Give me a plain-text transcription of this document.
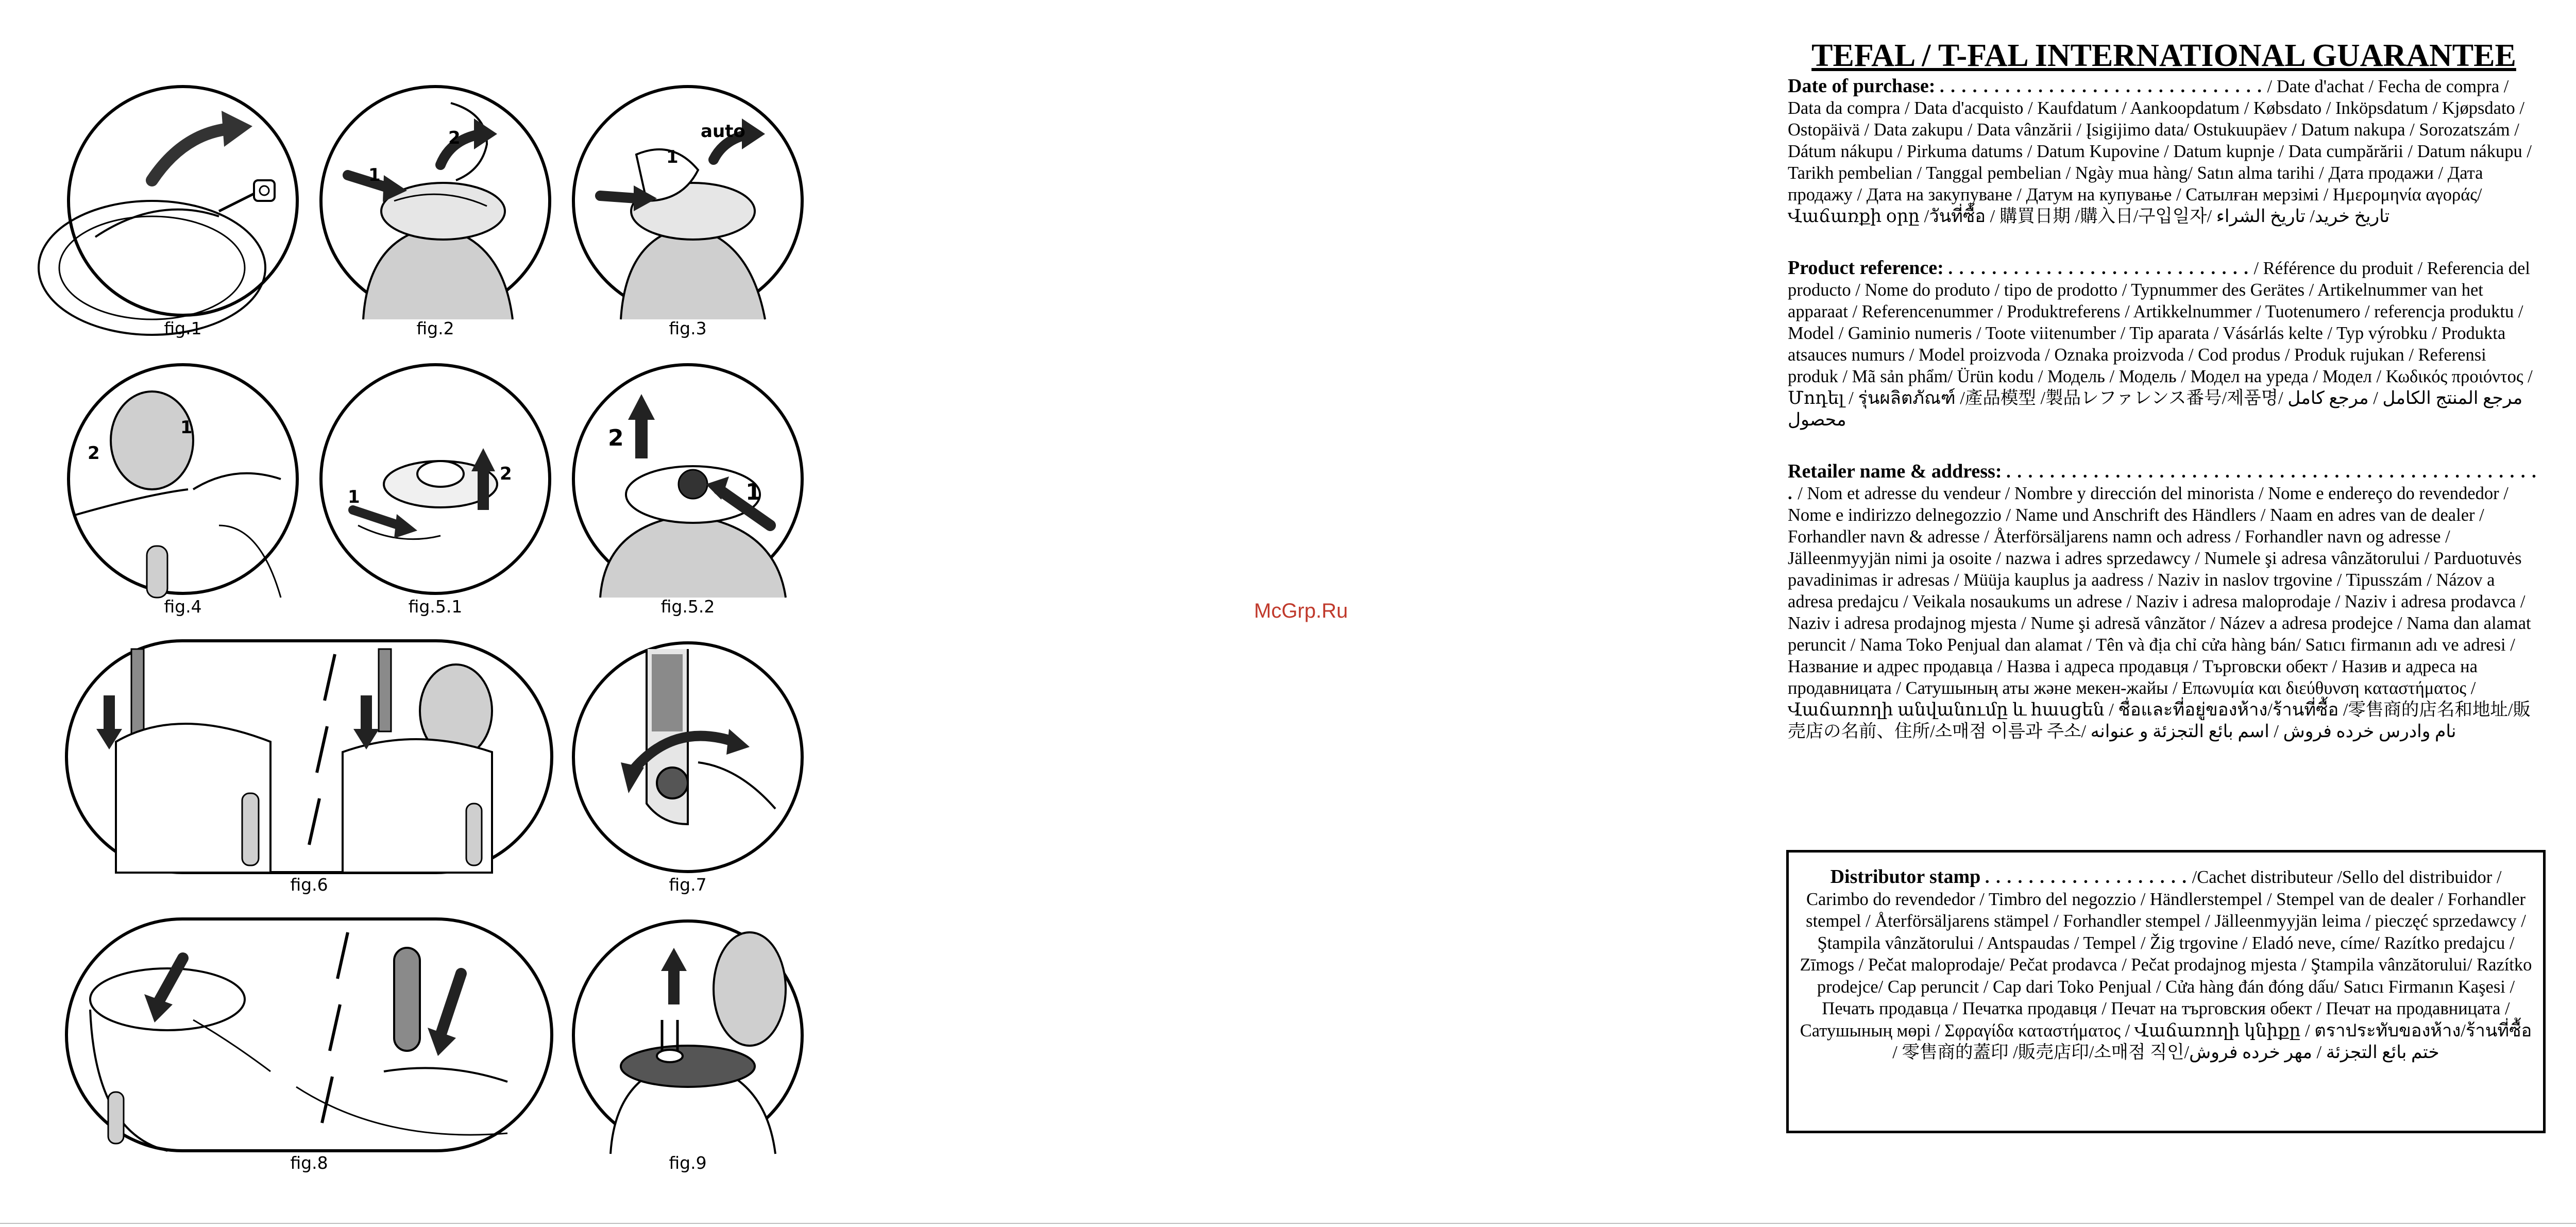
fig.1
1
2
fig.2
1
auto
fig.3
2
1
fig.4
1
2
fig.5.1
2
1
fig.5.2
fig.6	fig.7
fig.8	fig.9
McGrp.Ru
TEFAL / T-FAL INTERNATIONAL GUARANTEE
Date of purchase: . . . . . . . . . . . . . . . . . . . . . . . . . . . . . . / Date d'achat / Fecha de compra / Data da compra / Data d'acquisto / Kaufdatum / Aankoopdatum / Købsdato / Inköpsdatum / Kjøpsdato / Ostopäivä / Data zakupu / Data vânzării / Įsigijimo data/ Ostukuupäev / Datum nakupa / Sorozatszám / Dátum nákupu / Pirkuma datums / Datum Kupovine / Datum kupnje / Data cumpărării / Datum nákupu / Tarikh pembelian / Tanggal pembelian / Ngày mua hàng/ Satın alma tarihi / Дата продажи / Дата продажу / Дата на закупуване / Датум на купување / Сатылған мерзімі / Ημερομηνία αγοράς/ Վաճառքի օրը /วันที่ซื้อ / 購買日期 /購入日/구입일자/ تاريخ خريد/ تاريخ الشراء
Product reference: . . . . . . . . . . . . . . . . . . . . . . . . . . . . / Référence du produit / Referencia del producto / Nome do produto / tipo de prodotto / Typnummer des Gerätes / Artikelnummer van het apparaat / Referencenummer / Produktreferens / Artikkelnummer / Tuotenumero / referencja produktu / Model / Gaminio numeris / Toote viitenumber / Tip aparata / Vásárlás kelte / Typ výrobku / Produkta atsauces numurs / Model proizvoda / Oznaka proizvoda / Cod produs / Produk rujukan / Referensi produk / Mã sản phẩm/ Ürün kodu / Модель / Модель / Модел на уреда / Модел / Κωδικός προιόντος / Մոդել / รุ่นผลิตภัณฑ์ /產品模型 /製品レファレンス番号/제품명/ مرجع المنتج الكامل / مرجع كامل محصول
Retailer name & address: . . . . . . . . . . . . . . . . . . . . . . . . . . . . . . . . . . . . . . . . . . . . . . . . . . / Nom et adresse du vendeur / Nombre y dirección del minorista / Nome e endereço do revendedor / Nome e indirizzo delnegozzio / Name und Anschrift des Händlers / Naam en adres van de dealer / Forhandler navn & adresse / Återförsäljarens namn och adress / Forhandler navn og adresse / Jälleenmyyjän nimi ja osoite / nazwa i adres sprzedawcy / Numele şi adresa vânzătorului / Parduotuvės pavadinimas ir adresas / Müüja kauplus ja aadress / Naziv in naslov trgovine / Tipusszám / Názov a adresa predajcu / Veikala nosaukums un adrese / Naziv i adresa maloprodaje / Naziv i adresa prodavca / Naziv i adresa prodajnog mjesta / Nume şi adresă vânzător / Název a adresa prodejce / Nama dan alamat peruncit / Nama Toko Penjual dan alamat / Tên và địa chỉ cửa hàng bán/ Satıcı firmanın adı ve adresi / Название и адрес продавца / Назва і адреса продавця / Търговски обект / Назив и адреса на продавницата / Сатушының аты және мекен-жайы / Επωνυμία και διεύθυνση καταστήματος / Վաճառողի անվանումը և հասցեն / ชื่อและที่อยู่ของห้าง/ร้านที่ซื้อ /零售商的店名和地址/販売店の名前、住所/소매점 이름과 주소/ نام وادرس خرده فروش / اسم بائع التجزئة و عنوانه
Distributor stamp . . . . . . . . . . . . . . . . . . . /Cachet distributeur /Sello del distribuidor / Carimbo do revendedor / Timbro del negozzio / Händlerstempel / Stempel van de dealer / Forhandler stempel / Återförsäljarens stämpel / Forhandler stempel / Jälleenmyyjän leima / pieczęć sprzedawcy / Ştampila vânzătorului / Antspaudas / Tempel / Žig trgovine / Eladó neve, címe/ Razítko predajcu / Zīmogs / Pečat maloprodaje/ Pečat prodavca / Pečat prodajnog mjesta / Ştampila vânzătorului/ Razítko prodejce/ Cap peruncit / Cap dari Toko Penjual / Cửa hàng đán đóng dấu/ Satıcı Firmanın Kaşesi / Печать продавца / Печатка продавця / Печат на търговския обект / Печат на продавницата / Сатушының мөрі / Σφραγίδα καταστήματος / Վաճառողի կնիքը / ตราประทับของห้าง/ร้านที่ซื้อ / 零售商的蓋印 /販売店印/소매점 직인/ختم بائع التجزئة / مهر خرده فروش
